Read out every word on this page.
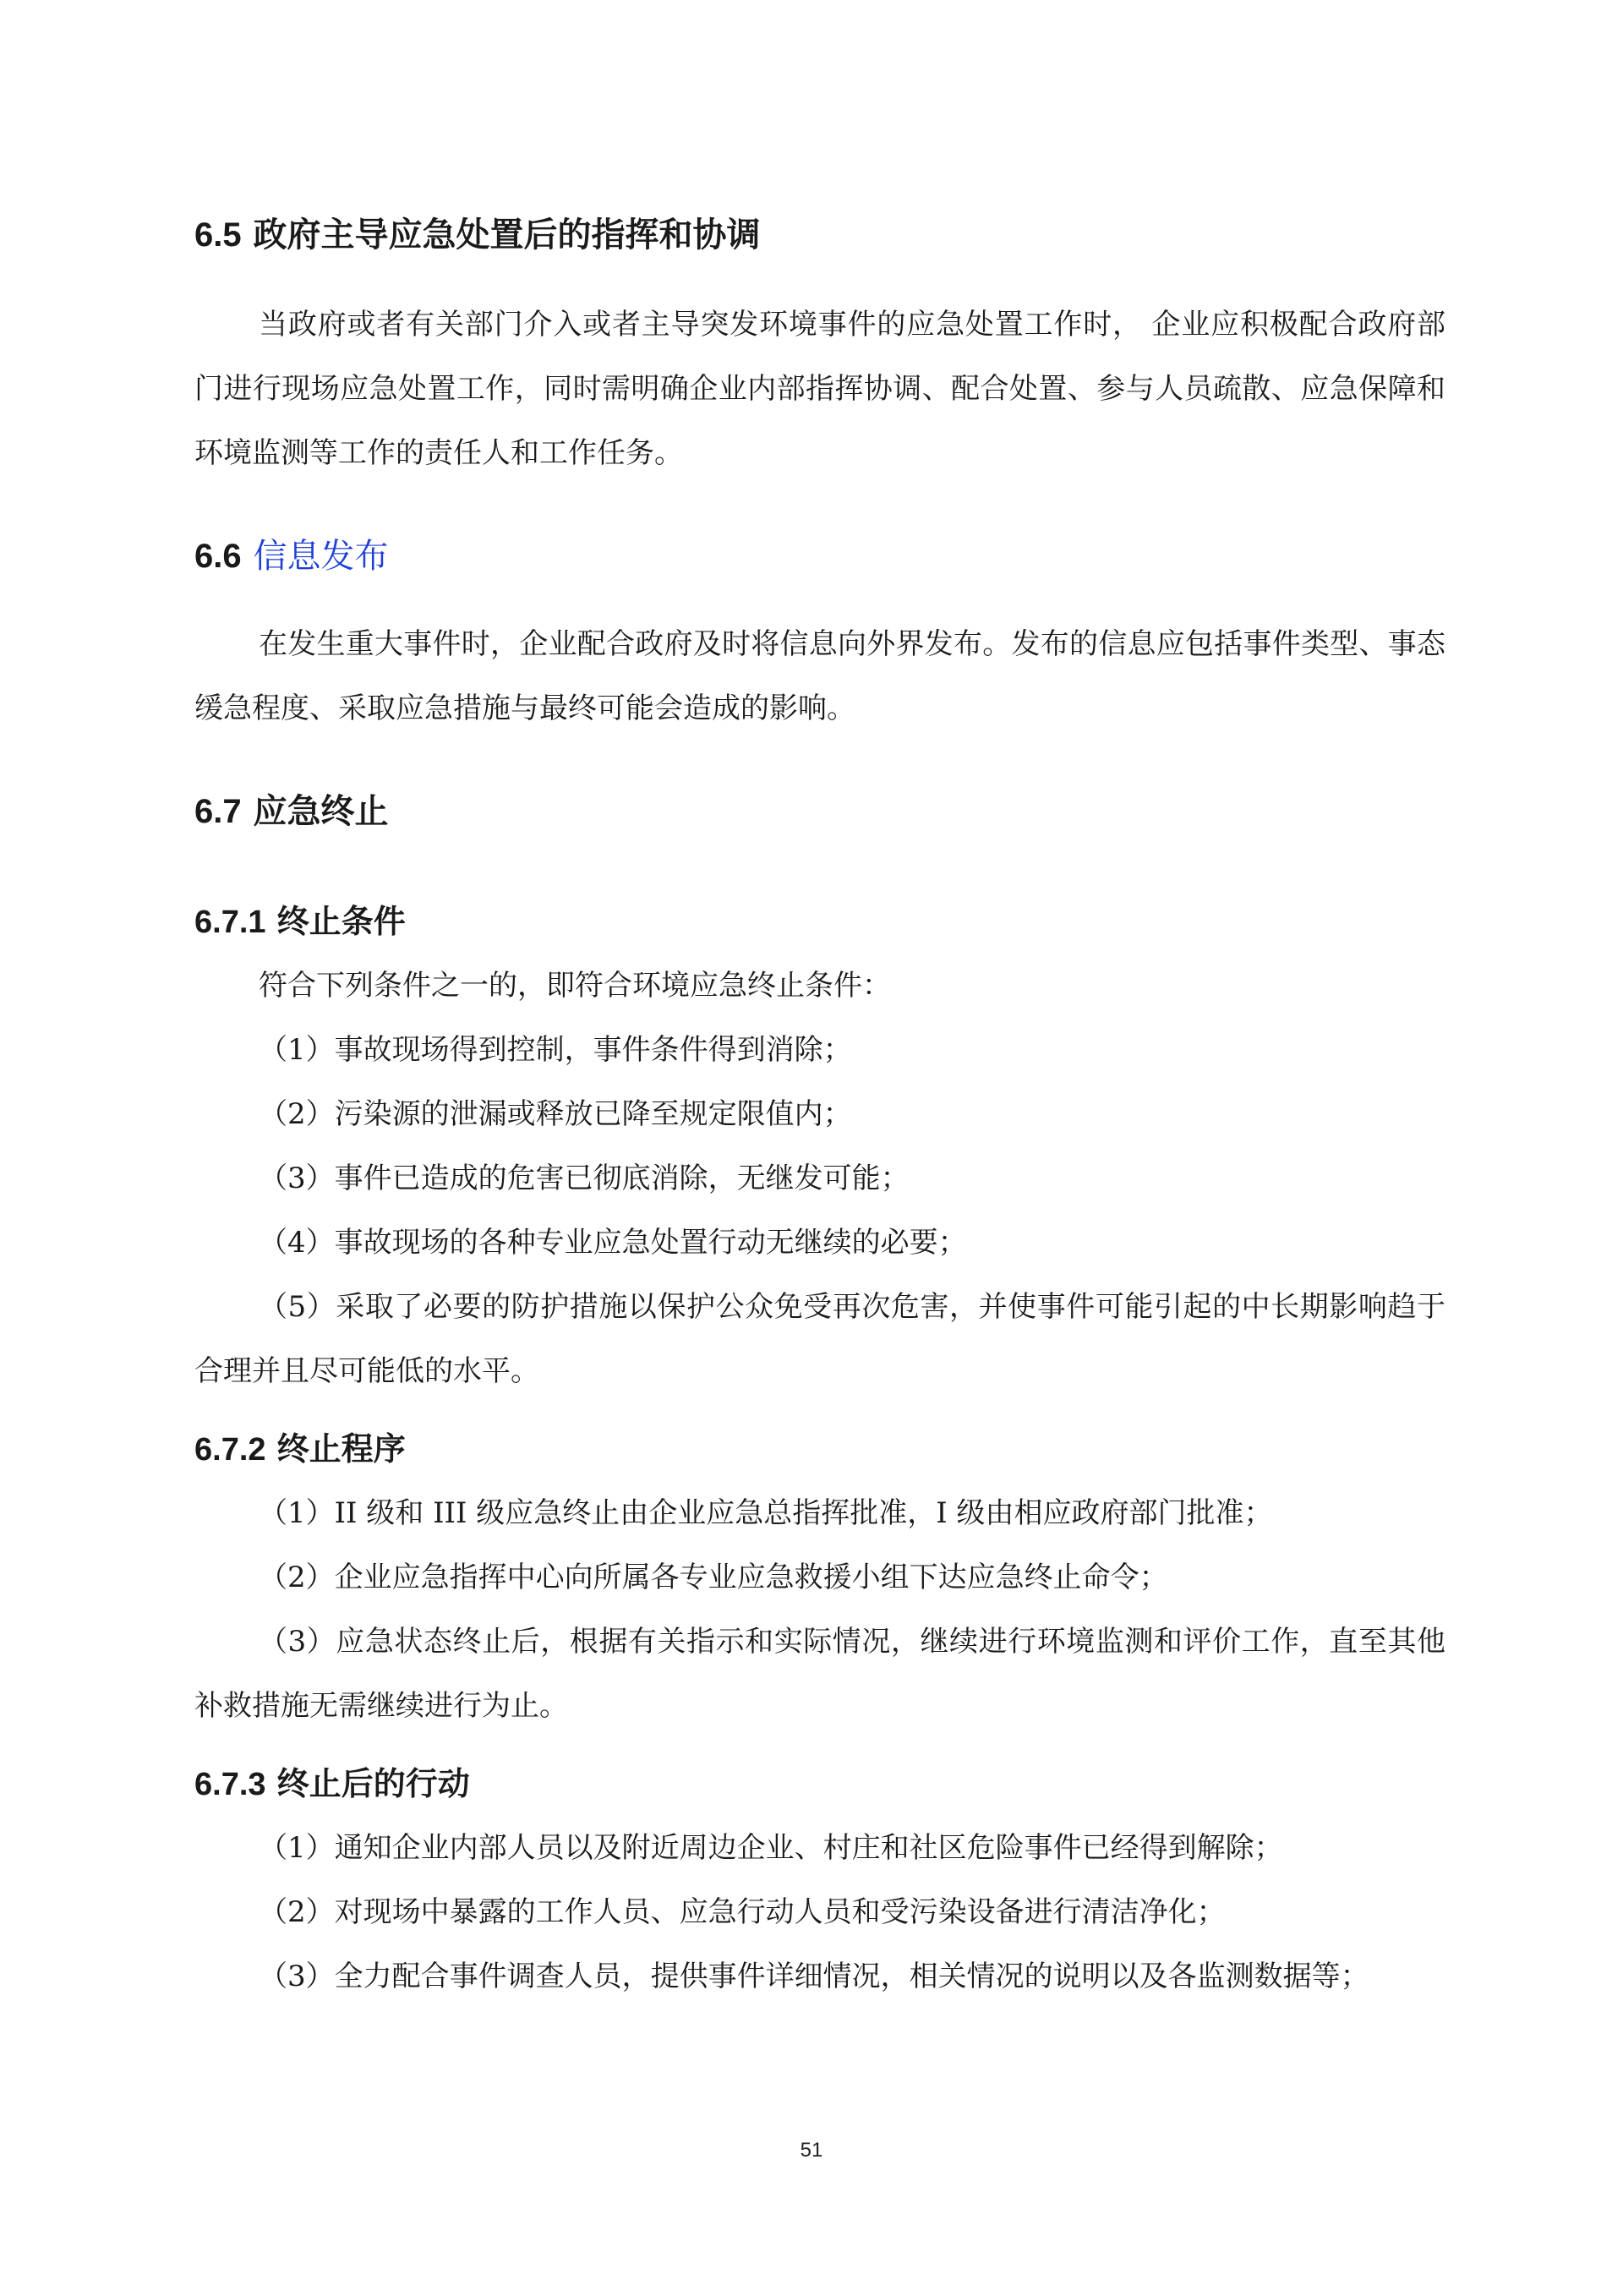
6.5 政府主导应急处置后的指挥和协调

当政府或者有关部门介入或者主导突发环境事件的应急处置工作时， 企业应积极配合政府部门进行现场应急处置工作，同时需明确企业内部指挥协调、配合处置、参与人员疏散、应急保障和环境监测等工作的责任人和工作任务。

6.6 信息发布

在发生重大事件时，企业配合政府及时将信息向外界发布。发布的信息应包括事件类型、事态缓急程度、采取应急措施与最终可能会造成的影响。

6.7 应急终止
6.7.1 终止条件

符合下列条件之一的，即符合环境应急终止条件：

（1）事故现场得到控制，事件条件得到消除；

（2）污染源的泄漏或释放已降至规定限值内；

（3）事件已造成的危害已彻底消除，无继发可能；

（4）事故现场的各种专业应急处置行动无继续的必要；

（5）采取了必要的防护措施以保护公众免受再次危害，并使事件可能引起的中长期影响趋于合理并且尽可能低的水平。

6.7.2 终止程序

（1）II 级和 III 级应急终止由企业应急总指挥批准，I 级由相应政府部门批准；

（2）企业应急指挥中心向所属各专业应急救援小组下达应急终止命令；

（3）应急状态终止后，根据有关指示和实际情况，继续进行环境监测和评价工作，直至其他补救措施无需继续进行为止。

6.7.3 终止后的行动

（1）通知企业内部人员以及附近周边企业、村庄和社区危险事件已经得到解除；

（2）对现场中暴露的工作人员、应急行动人员和受污染设备进行清洁净化；

（3）全力配合事件调查人员，提供事件详细情况，相关情况的说明以及各监测数据等；

51
